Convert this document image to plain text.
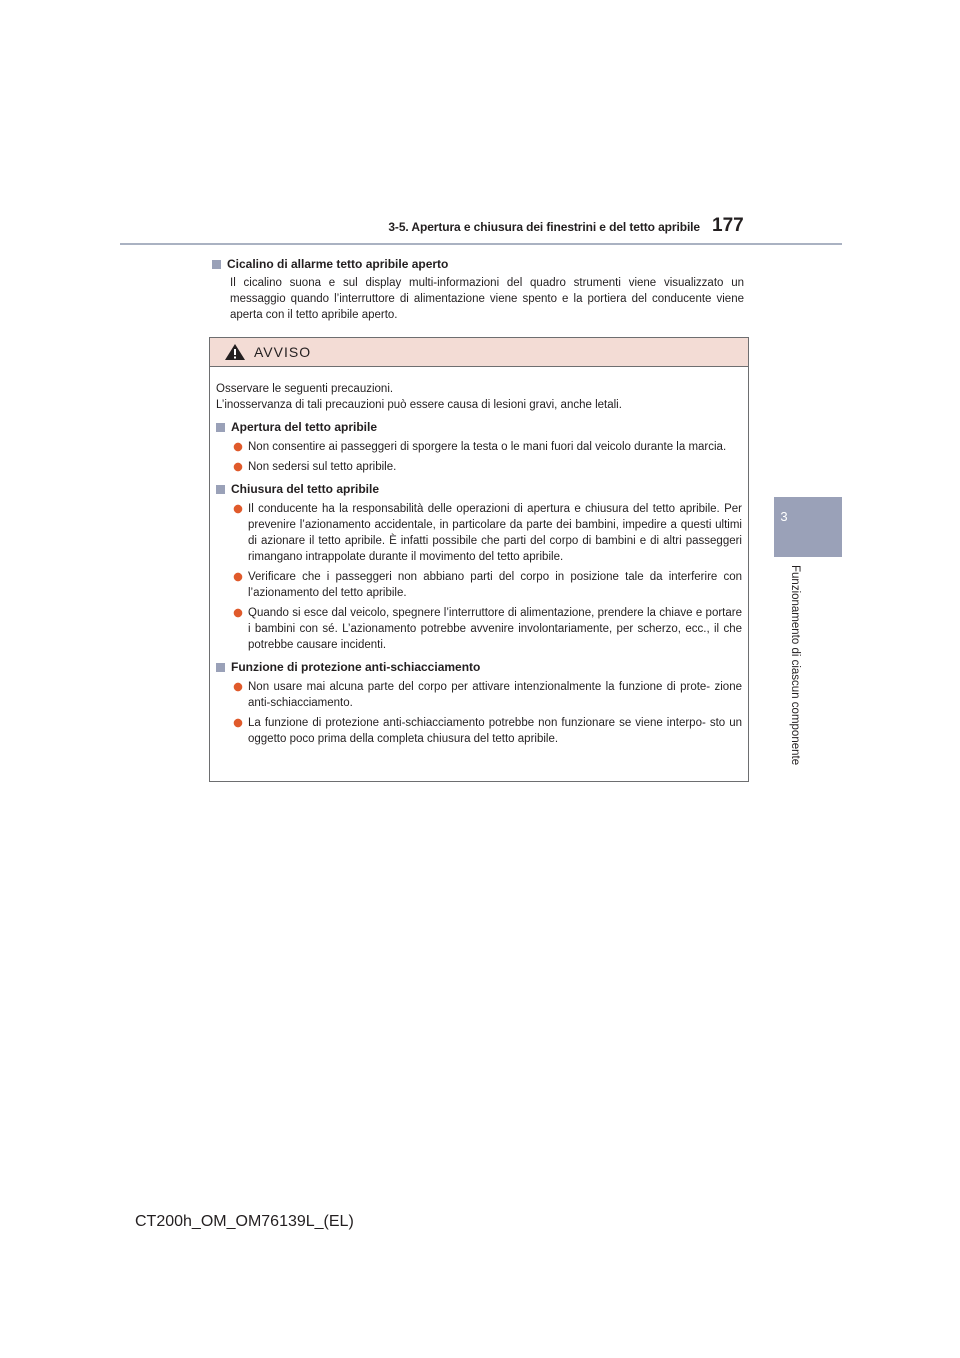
3-5. Apertura e chiusura dei finestrini e del tetto apribile 177
3
Funzionamento di ciascun componente
Cicalino di allarme tetto apribile aperto

Il cicalino suona e sul display multi-informazioni del quadro strumenti viene visualizzato un messaggio quando l’interruttore di alimentazione viene spento e la portiera del conducente viene aperta con il tetto apribile aperto.

AVVISO

Osservare le seguenti precauzioni.

L’inosservanza di tali precauzioni può essere causa di lesioni gravi, anche letali.

Apertura del tetto apribile
Non consentire ai passeggeri di sporgere la testa o le mani fuori dal veicolo durante la marcia.
Non sedersi sul tetto apribile.
Chiusura del tetto apribile
Il conducente ha la responsabilità delle operazioni di apertura e chiusura del tetto apribile. Per prevenire l’azionamento accidentale, in particolare da parte dei bambini, impedire a questi ultimi di azionare il tetto apribile. È infatti possibile che parti del corpo di bambini e di altri passeggeri rimangano intrappolate durante il movimento del tetto apribile.
Verificare che i passeggeri non abbiano parti del corpo in posizione tale da interferire con l’azionamento del tetto apribile.
Quando si esce dal veicolo, spegnere l’interruttore di alimentazione, prendere la chiave e portare i bambini con sé. L’azionamento potrebbe avvenire involontariamente, per scherzo, ecc., il che potrebbe causare incidenti.
Funzione di protezione anti-schiacciamento
Non usare mai alcuna parte del corpo per attivare intenzionalmente la funzione di prote- zione anti-schiacciamento.
La funzione di protezione anti-schiacciamento potrebbe non funzionare se viene interpo- sto un oggetto poco prima della completa chiusura del tetto apribile.
CT200h_OM_OM76139L_(EL)
